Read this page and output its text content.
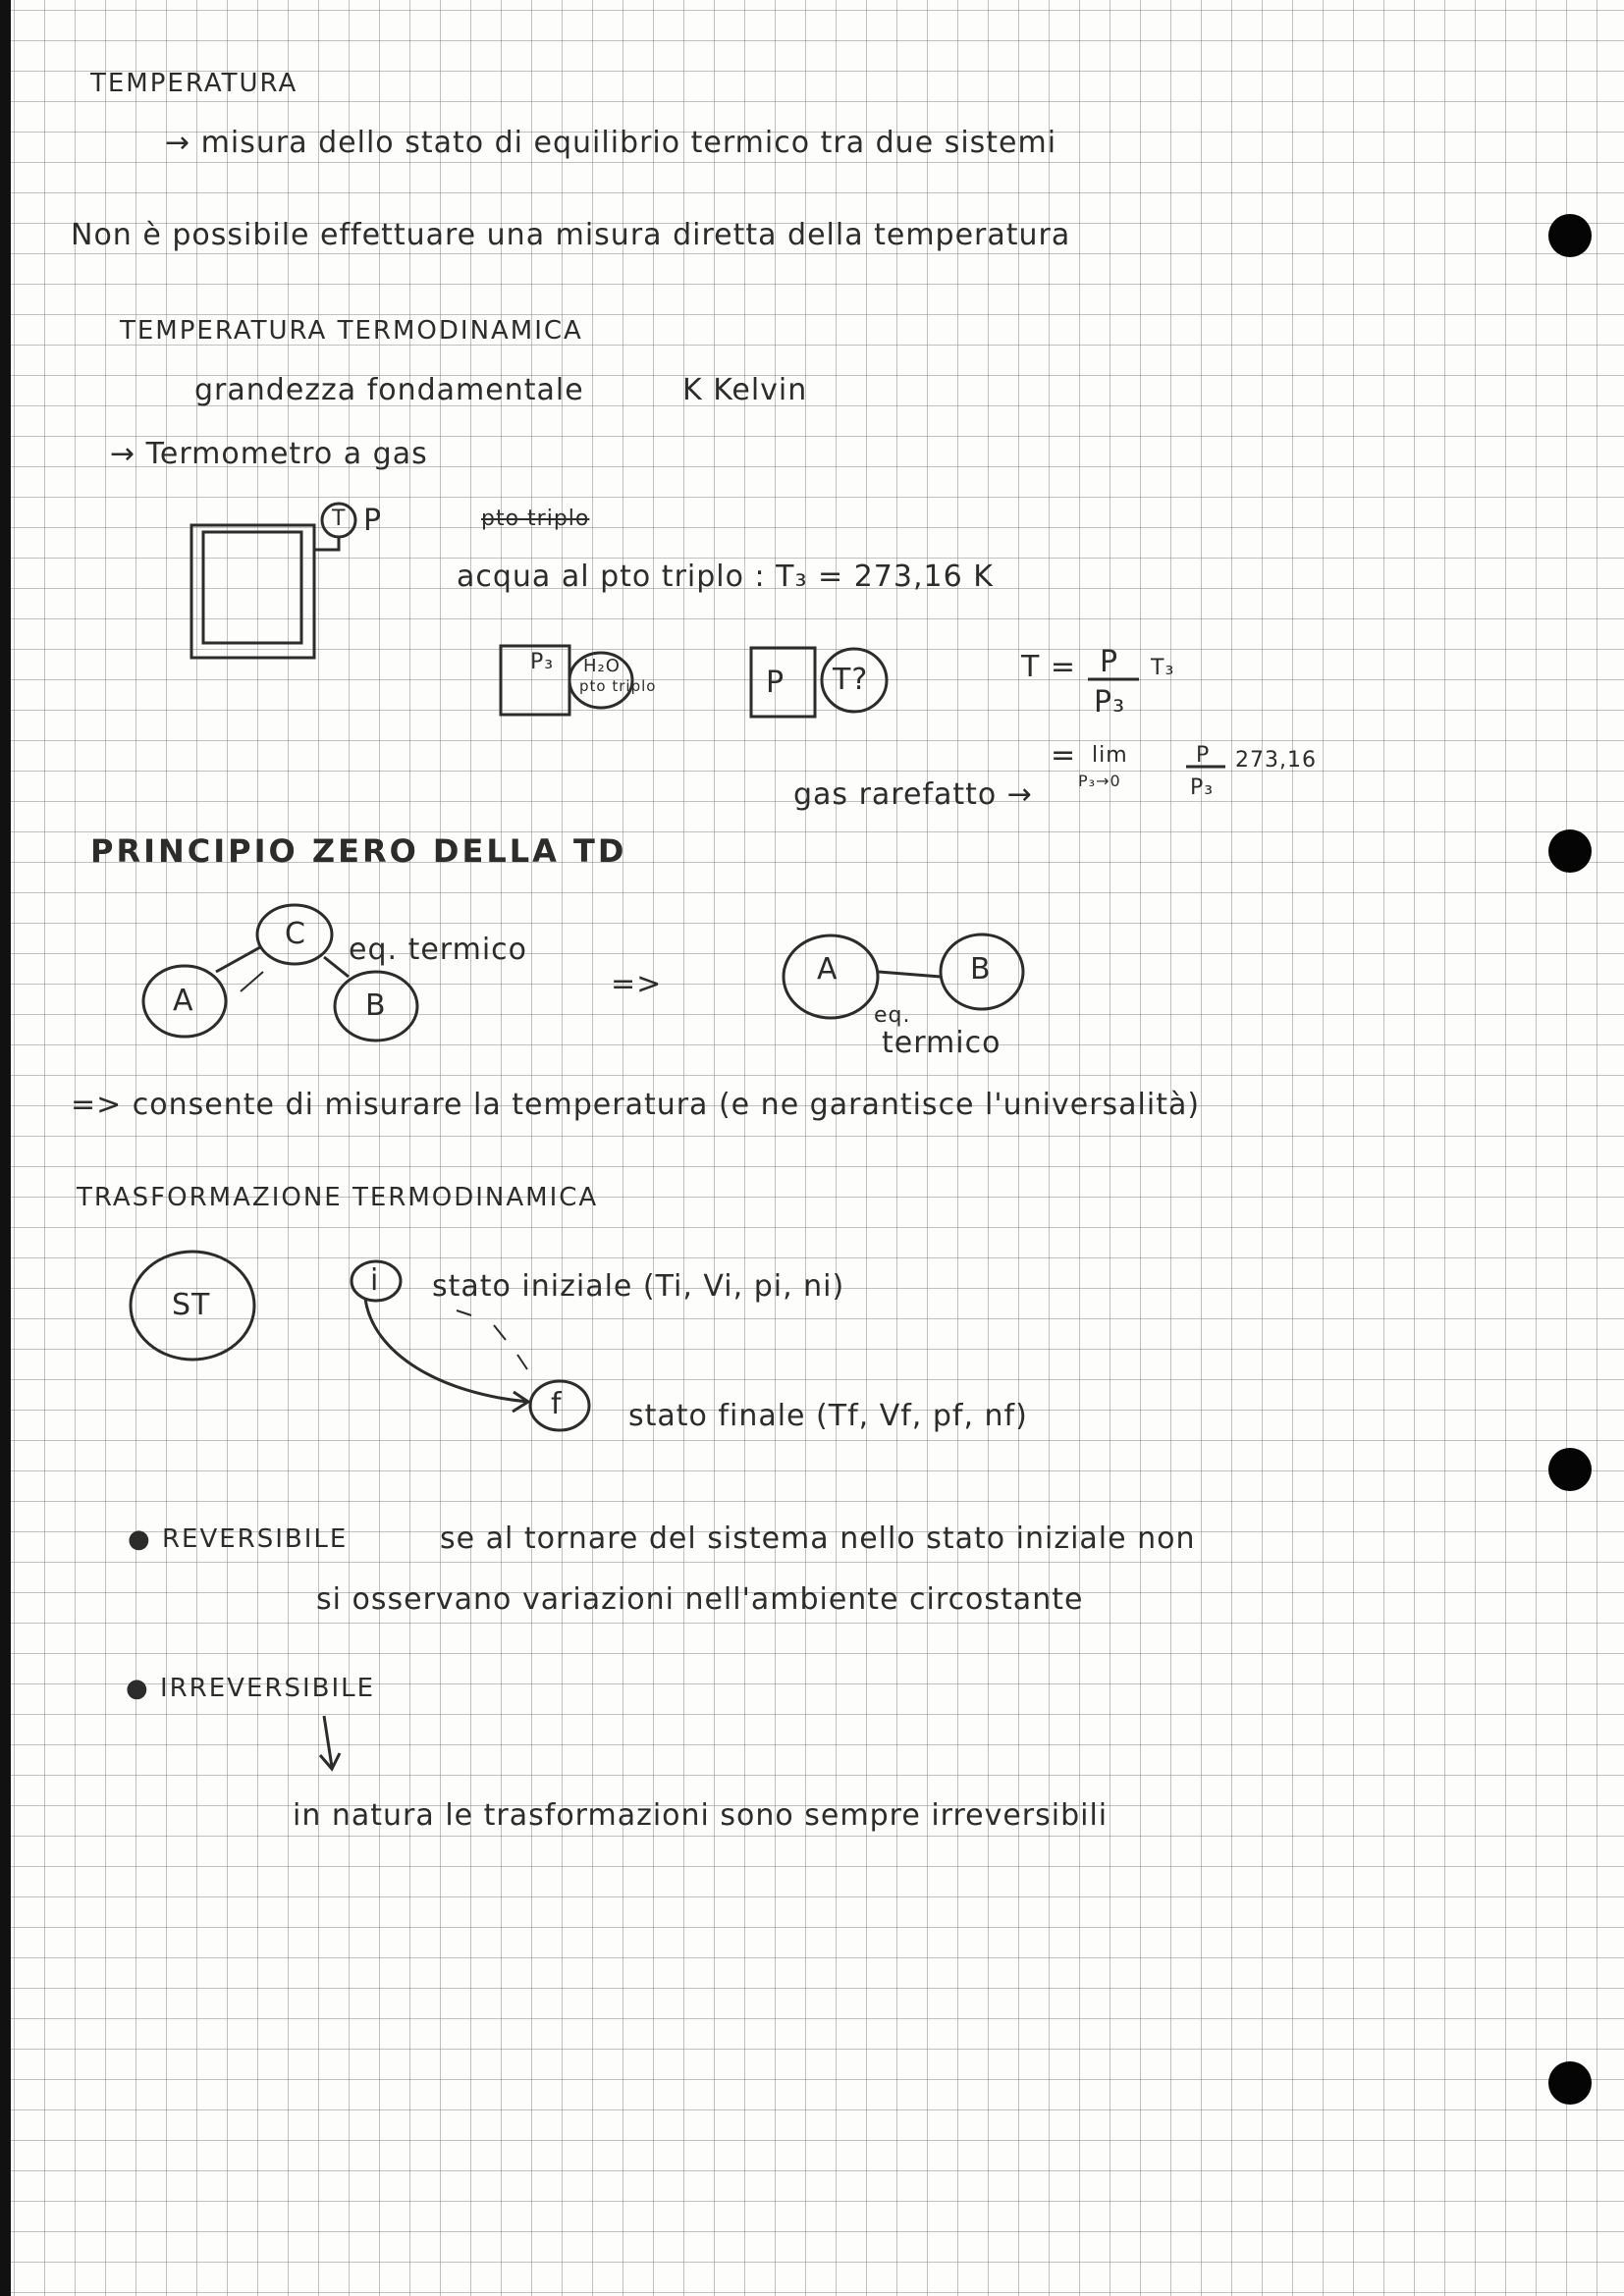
TEMPERATURA
→ misura dello stato di equilibrio termico tra due sistemi
Non è possibile effettuare una misura diretta della temperatura
TEMPERATURA TERMODINAMICA
grandezza fondamentale	K Kelvin
→ Termometro a gas
P
T	pto triplo
acqua al pto triplo : T₃ = 273,16 K
P₃ H₂O
pto triplo	P T?	T = P
P₃
T₃
= lim
P₃→0
P
P₃
273,16
gas rarefatto →
PRINCIPIO ZERO DELLA TD
C
A	B
eq. termico
=>	A	B
eq.
termico
=> consente di misurare la temperatura (e ne garantisce l'universalità)
TRASFORMAZIONE TERMODINAMICA
ST
i stato iniziale (Ti, Vi, pi, ni)
f stato finale (Tf, Vf, pf, nf)
● REVERSIBILE	se al tornare del sistema nello stato iniziale non
si osservano variazioni nell'ambiente circostante
● IRREVERSIBILE
in natura le trasformazioni sono sempre irreversibili
